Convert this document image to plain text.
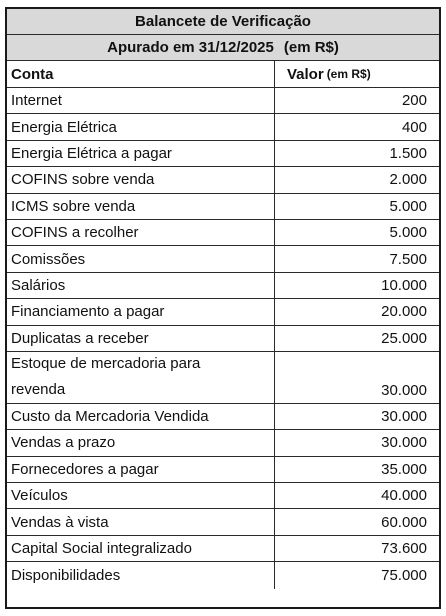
Balancete de Verificação
Apurado em 31/12/2025 (em R$)
Conta	Valor (em R$)
Internet	200
Energia Elétrica	400
Energia Elétrica a pagar	1.500
COFINS sobre venda	2.000
ICMS sobre venda	5.000
COFINS a recolher	5.000
Comissões	7.500
Salários	10.000
Financiamento a pagar	20.000
Duplicatas a receber	25.000
Estoque de mercadoria para
revenda	30.000
Custo da Mercadoria Vendida	30.000
Vendas a prazo	30.000
Fornecedores a pagar	35.000
Veículos	40.000
Vendas à vista	60.000
Capital Social integralizado	73.600
Disponibilidades	75.000
